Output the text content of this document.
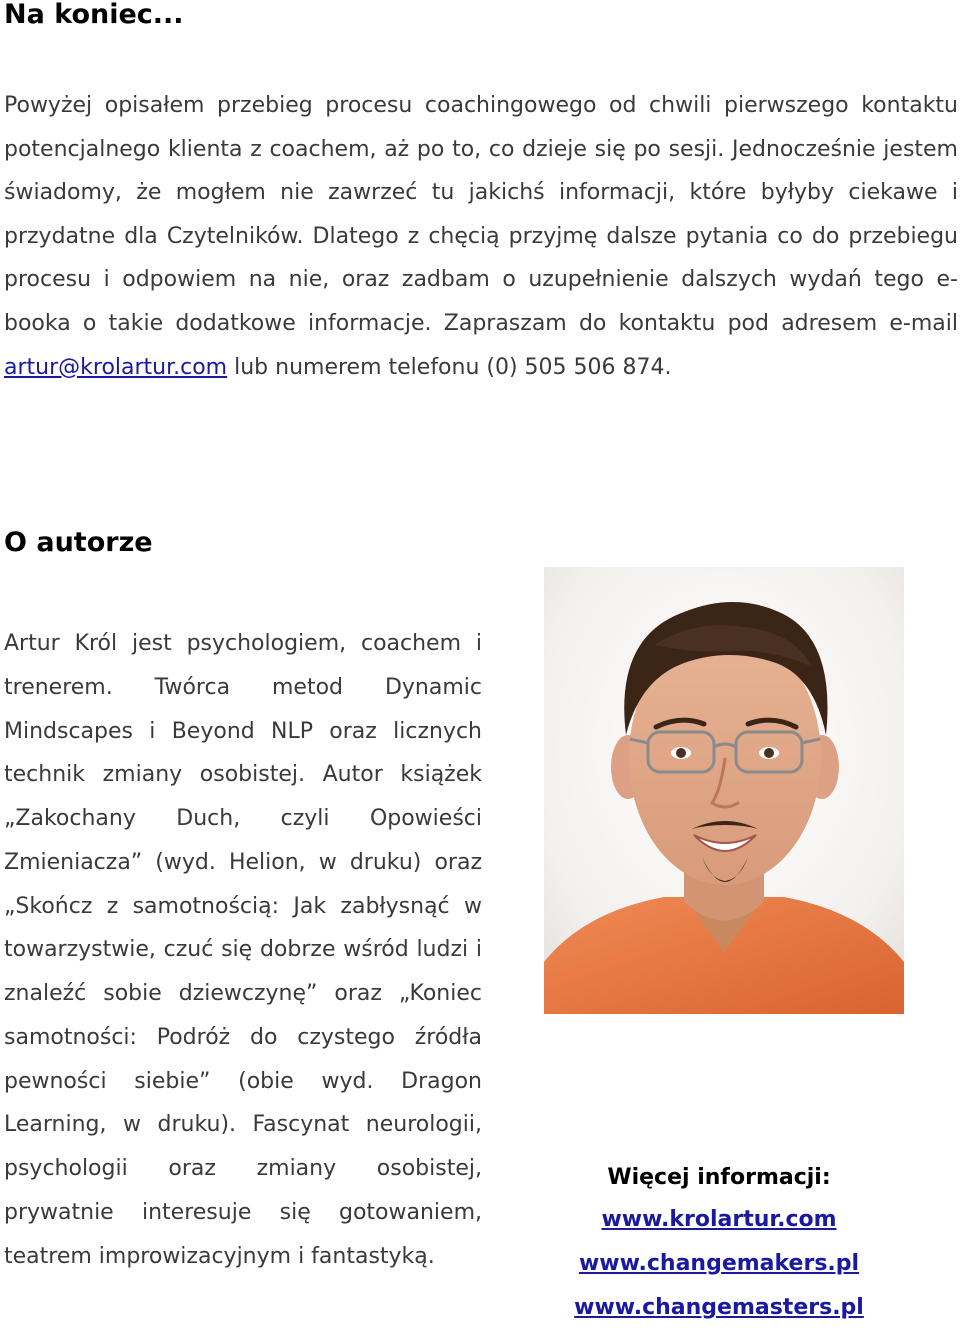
Na koniec...

Powyżej opisałem przebieg procesu coachingowego od chwili pierwszego kontaktu potencjalnego klienta z coachem, aż po to, co dzieje się po sesji. Jednocześnie jestem świadomy, że mogłem nie zawrzeć tu jakichś informacji, które byłyby ciekawe i przydatne dla Czytelników. Dlatego z chęcią przyjmę dalsze pytania co do przebiegu procesu i odpowiem na nie, oraz zadbam o uzupełnienie dalszych wydań tego e-booka o takie dodatkowe informacje. Zapraszam do kontaktu pod adresem e-mail artur@krolartur.com lub numerem telefonu (0) 505 506 874.

O autorze

Artur Król jest psychologiem, coachem i trenerem. Twórca metod Dynamic Mindscapes i Beyond NLP oraz licznych technik zmiany osobistej. Autor książek „Zakochany Duch, czyli Opowieści Zmieniacza” (wyd. Helion, w druku) oraz „Skończ z samotnością: Jak zabłysnąć w towarzystwie, czuć się dobrze wśród ludzi i znaleźć sobie dziewczynę” oraz „Koniec samotności: Podróż do czystego źródła pewności siebie” (obie wyd. Dragon Learning, w druku). Fascynat neurologii, psychologii oraz zmiany osobistej, prywatnie interesuje się gotowaniem, teatrem improwizacyjnym i fantastyką.

Więcej informacji:
www.krolartur.com
www.changemakers.pl
www.changemasters.pl
